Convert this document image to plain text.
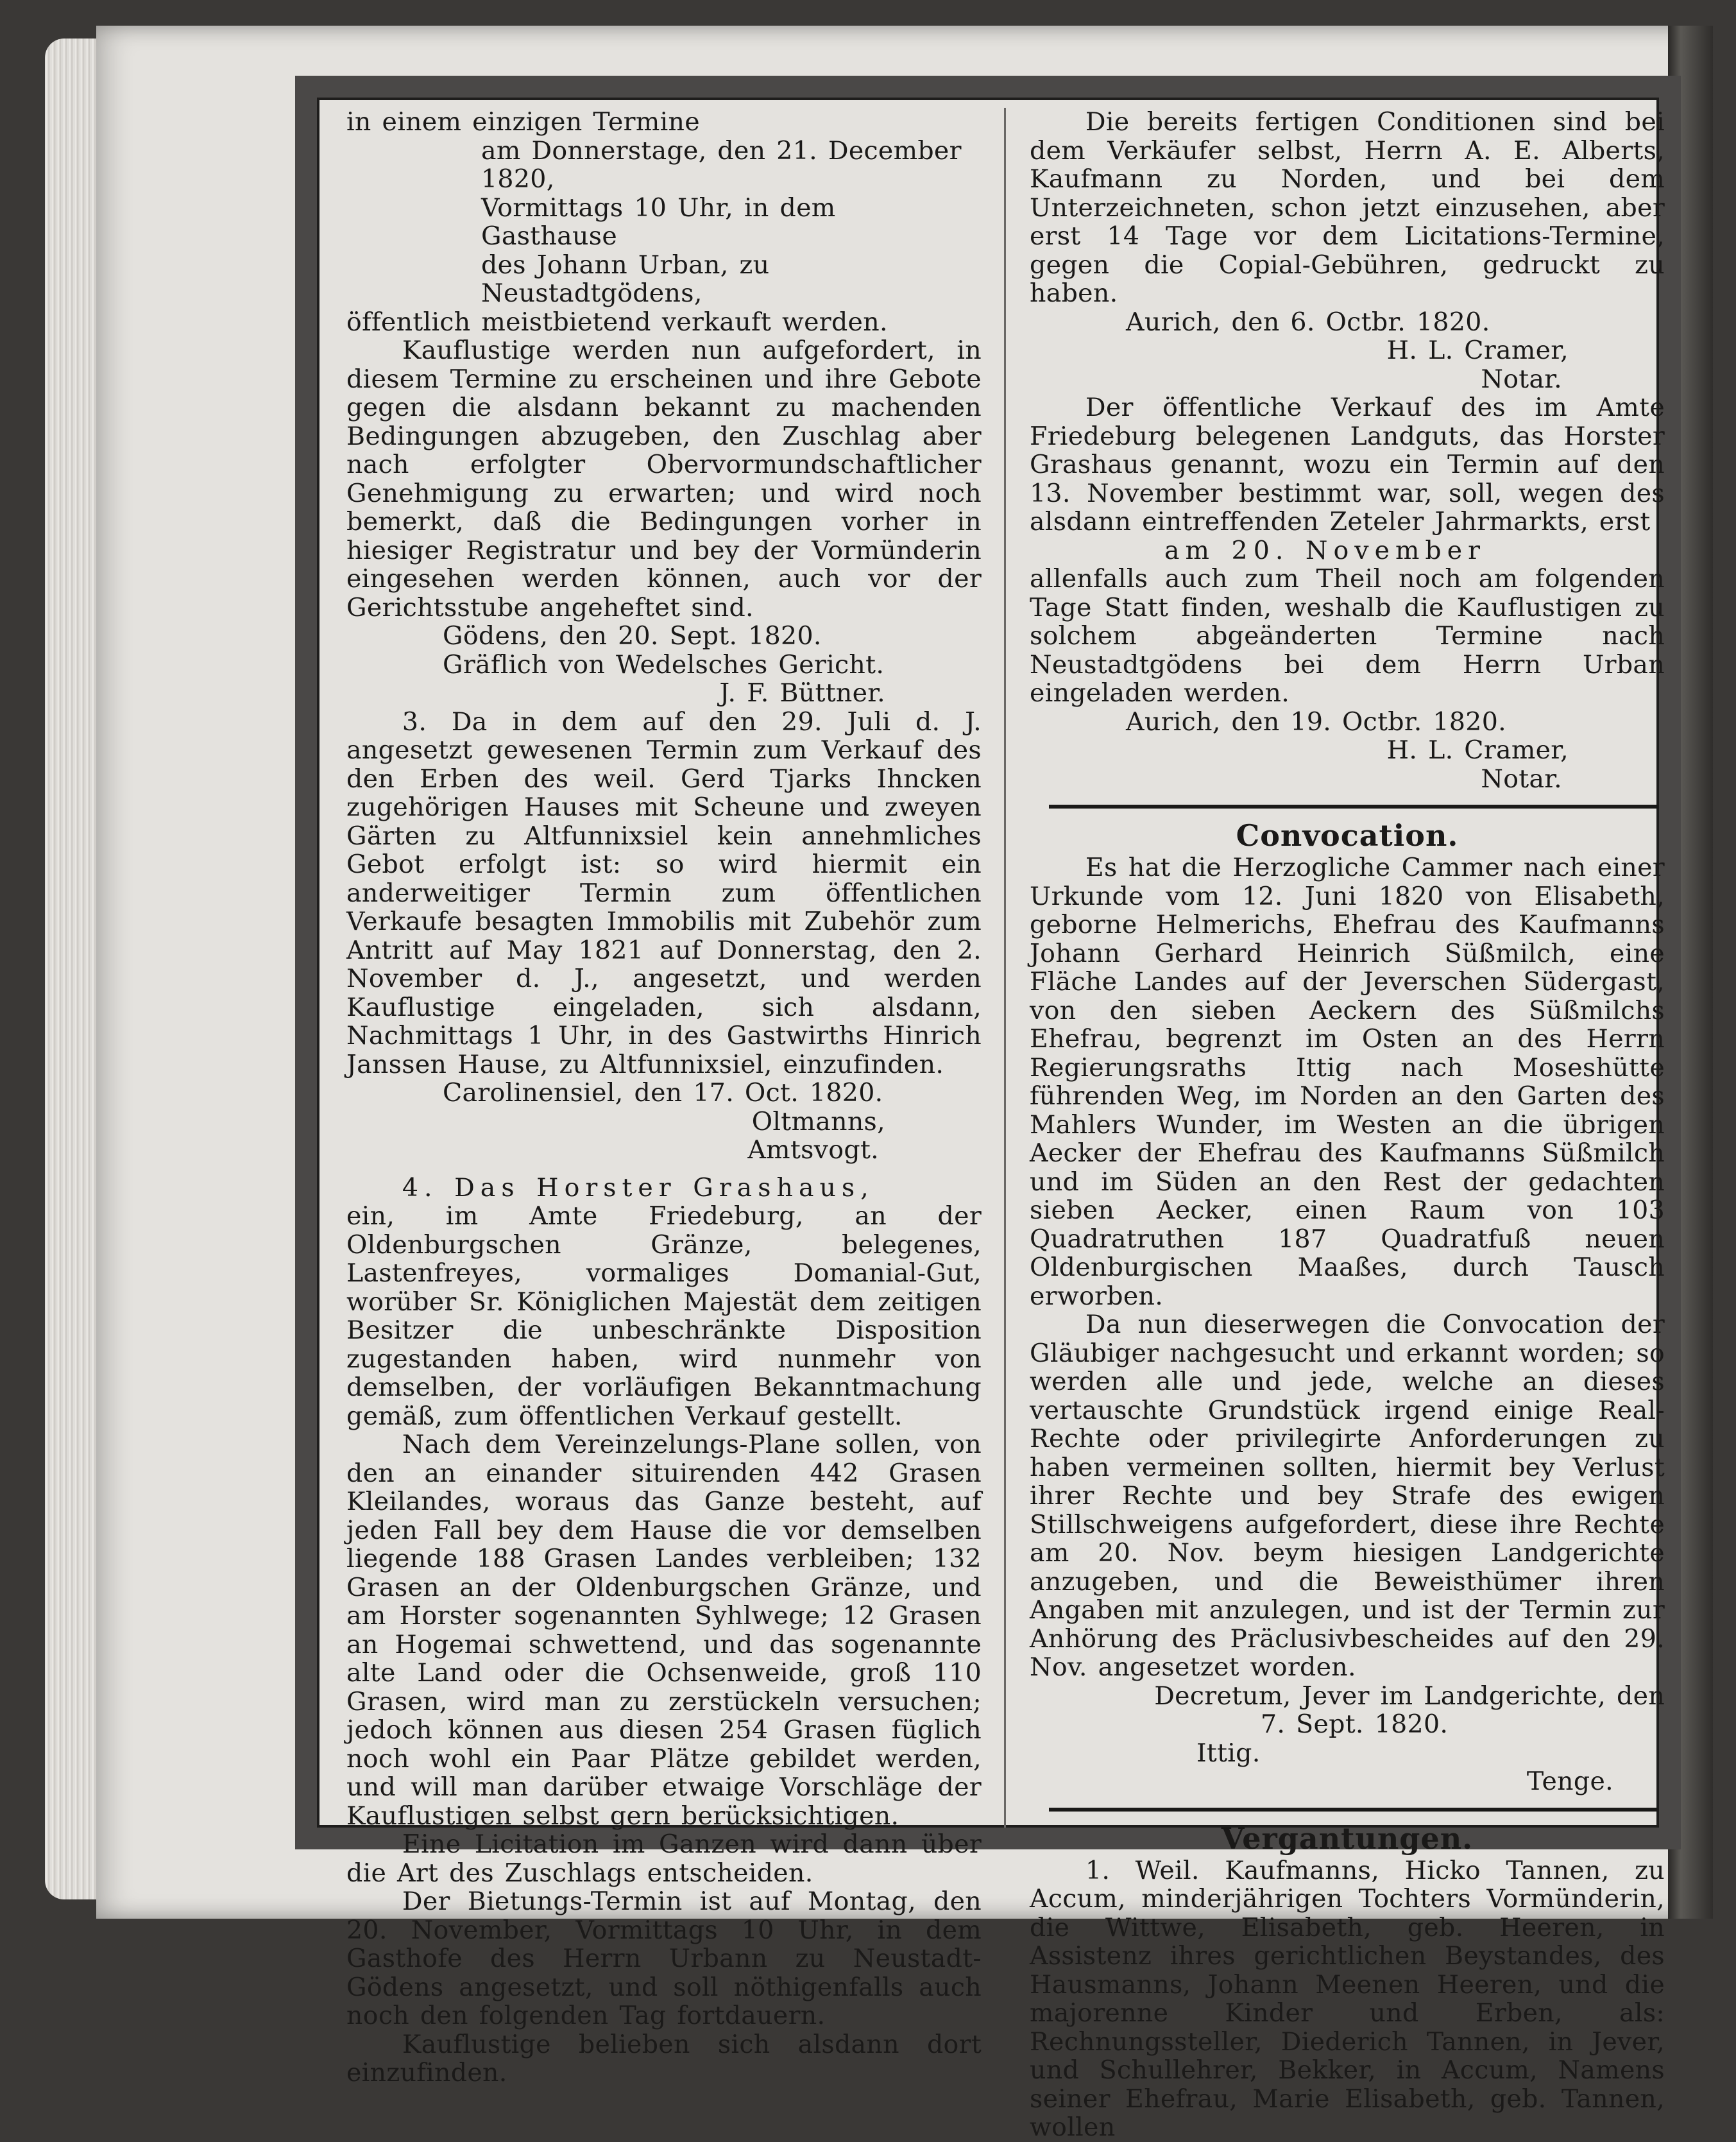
in einem einzigen Termine

am Donnerstage, den 21. December 1820,

Vormittags 10 Uhr, in dem Gasthause

des Johann Urban, zu Neustadtgödens,

öffentlich meistbietend verkauft werden.

Kauflustige werden nun aufgefordert, in diesem Termine zu erscheinen und ihre Gebote gegen die alsdann bekannt zu machenden Bedingungen abzugeben, den Zuschlag aber nach erfolgter Obervormundschaftlicher Genehmigung zu erwarten; und wird noch bemerkt, daß die Bedingungen vorher in hiesiger Registratur und bey der Vormünderin eingesehen werden können, auch vor der Gerichtsstube angeheftet sind.

Gödens, den 20. Sept. 1820.

Gräflich von Wedelsches Gericht.

J. F. Büttner.

3. Da in dem auf den 29. Juli d. J. angesetzt gewesenen Termin zum Verkauf des den Erben des weil. Gerd Tjarks Ihncken zugehörigen Hauses mit Scheune und zweyen Gärten zu Altfunnixsiel kein annehmliches Gebot erfolgt ist: so wird hiermit ein anderweitiger Termin zum öffentlichen Verkaufe besagten Immobilis mit Zubehör zum Antritt auf May 1821 auf Donnerstag, den 2. November d. J., angesetzt, und werden Kauflustige eingeladen, sich alsdann, Nachmittags 1 Uhr, in des Gastwirths Hinrich Janssen Hause, zu Altfunnixsiel, einzufinden.

Carolinensiel, den 17. Oct. 1820.

Oltmanns,

Amtsvogt.

4. Das Horster Grashaus,

ein, im Amte Friedeburg, an der Oldenburgschen Gränze, belegenes, Lastenfreyes, vormaliges Domanial-Gut, worüber Sr. Königlichen Majestät dem zeitigen Besitzer die unbeschränkte Disposition zugestanden haben, wird nunmehr von demselben, der vorläufigen Bekanntmachung gemäß, zum öffentlichen Verkauf gestellt.

Nach dem Vereinzelungs-Plane sollen, von den an einander situirenden 442 Grasen Kleilandes, woraus das Ganze besteht, auf jeden Fall bey dem Hause die vor demselben liegende 188 Grasen Landes verbleiben; 132 Grasen an der Oldenburgschen Gränze, und am Horster sogenannten Syhlwege; 12 Grasen an Hogemai schwettend, und das sogenannte alte Land oder die Ochsenweide, groß 110 Grasen, wird man zu zerstückeln versuchen; jedoch können aus diesen 254 Grasen füglich noch wohl ein Paar Plätze gebildet werden, und will man darüber etwaige Vorschläge der Kauflustigen selbst gern berücksichtigen.

Eine Licitation im Ganzen wird dann über die Art des Zuschlags entscheiden.

Der Bietungs-Termin ist auf Montag, den 20. November, Vormittags 10 Uhr, in dem Gasthofe des Herrn Urbann zu Neustadt-Gödens angesetzt, und soll nöthigenfalls auch noch den folgenden Tag fortdauern.

Kauflustige belieben sich alsdann dort einzufinden.

Die bereits fertigen Conditionen sind bei dem Verkäufer selbst, Herrn A. E. Alberts, Kaufmann zu Norden, und bei dem Unterzeichneten, schon jetzt einzusehen, aber erst 14 Tage vor dem Licitations-Termine, gegen die Copial-Gebühren, gedruckt zu haben.

Aurich, den 6. Octbr. 1820.

H. L. Cramer,

Notar.

Der öffentliche Verkauf des im Amte Friedeburg belegenen Landguts, das Horster Grashaus genannt, wozu ein Termin auf den 13. November bestimmt war, soll, wegen des alsdann eintreffenden Zeteler Jahrmarkts, erst

am 20. November

allenfalls auch zum Theil noch am folgenden Tage Statt finden, weshalb die Kauflustigen zu solchem abgeänderten Termine nach Neustadtgödens bei dem Herrn Urban eingeladen werden.

Aurich, den 19. Octbr. 1820.

H. L. Cramer,

Notar.

Convocation.

Es hat die Herzogliche Cammer nach einer Urkunde vom 12. Juni 1820 von Elisabeth, geborne Helmerichs, Ehefrau des Kaufmanns Johann Gerhard Heinrich Süßmilch, eine Fläche Landes auf der Jeverschen Südergast, von den sieben Aeckern des Süßmilchs Ehefrau, begrenzt im Osten an des Herrn Regierungsraths Ittig nach Moseshütte führenden Weg, im Norden an den Garten des Mahlers Wunder, im Westen an die übrigen Aecker der Ehefrau des Kaufmanns Süßmilch und im Süden an den Rest der gedachten sieben Aecker, einen Raum von 103 Quadratruthen 187 Quadratfuß neuen Oldenburgischen Maaßes, durch Tausch erworben.

Da nun dieserwegen die Convocation der Gläubiger nachgesucht und erkannt worden; so werden alle und jede, welche an dieses vertauschte Grundstück irgend einige Real-Rechte oder privilegirte Anforderungen zu haben vermeinen sollten, hiermit bey Verlust ihrer Rechte und bey Strafe des ewigen Stillschweigens aufgefordert, diese ihre Rechte am 20. Nov. beym hiesigen Landgerichte anzugeben, und die Beweisthümer ihren Angaben mit anzulegen, und ist der Termin zur Anhörung des Präclusivbescheides auf den 29. Nov. angesetzet worden.

Decretum, Jever im Landgerichte, den

7. Sept. 1820.

Ittig.

Tenge.

Vergantungen.

1. Weil. Kaufmanns, Hicko Tannen, zu Accum, minderjährigen Tochters Vormünderin, die Wittwe, Elisabeth, geb. Heeren, in Assistenz ihres gerichtlichen Beystandes, des Hausmanns, Johann Meenen Heeren, und die majorenne Kinder und Erben, als: Rechnungssteller, Diederich Tannen, in Jever, und Schullehrer, Bekker, in Accum, Namens seiner Ehefrau, Marie Elisabeth, geb. Tannen, wollen
